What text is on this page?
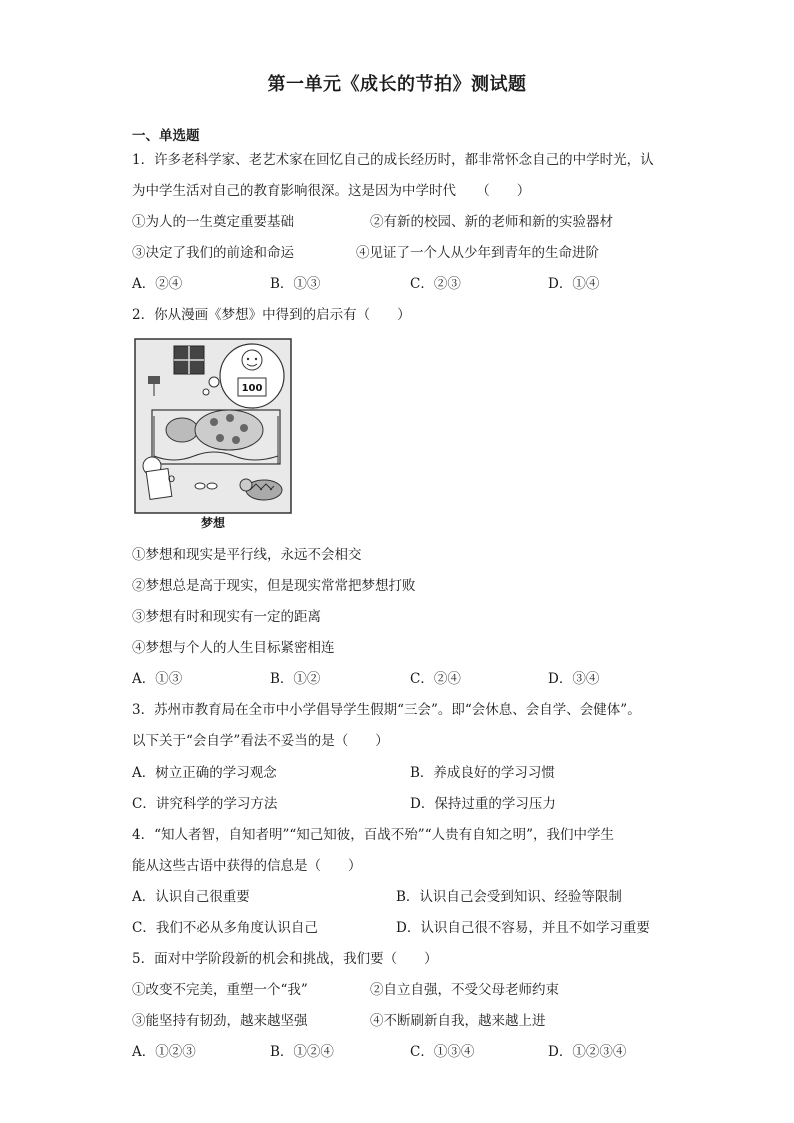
第一单元《成长的节拍》测试题
一、单选题
1．许多老科学家、老艺术家在回忆自己的成长经历时，都非常怀念自己的中学时光，认
为中学生活对自己的教育影响很深。这是因为中学时代　　（　　）
①为人的一生奠定重要基础	②有新的校园、新的老师和新的实验器材
③决定了我们的前途和命运	④见证了一个人从少年到青年的生命进阶
A．②④	B．①③	C．②③	D．①④
2．你从漫画《梦想》中得到的启示有（　　）
100
O
梦想
①梦想和现实是平行线，永远不会相交
②梦想总是高于现实，但是现实常常把梦想打败
③梦想有时和现实有一定的距离
④梦想与个人的人生目标紧密相连
A．①③	B．①②	C．②④	D．③④
3．苏州市教育局在全市中小学倡导学生假期“三会”。即“会休息、会自学、会健体”。
以下关于“会自学”看法不妥当的是（　　）
A．树立正确的学习观念	B．养成良好的学习习惯
C．讲究科学的学习方法	D．保持过重的学习压力
4．“知人者智，自知者明”“知己知彼，百战不殆”“人贵有自知之明”，我们中学生
能从这些古语中获得的信息是（　　）
A．认识自己很重要	B．认识自己会受到知识、经验等限制
C．我们不必从多角度认识自己	D．认识自己很不容易，并且不如学习重要
5．面对中学阶段新的机会和挑战，我们要（　　）
①改变不完美，重塑一个“我”	②自立自强，不受父母老师约束
③能坚持有韧劲，越来越坚强	④不断刷新自我，越来越上进
A．①②③	B．①②④	C．①③④	D．①②③④
